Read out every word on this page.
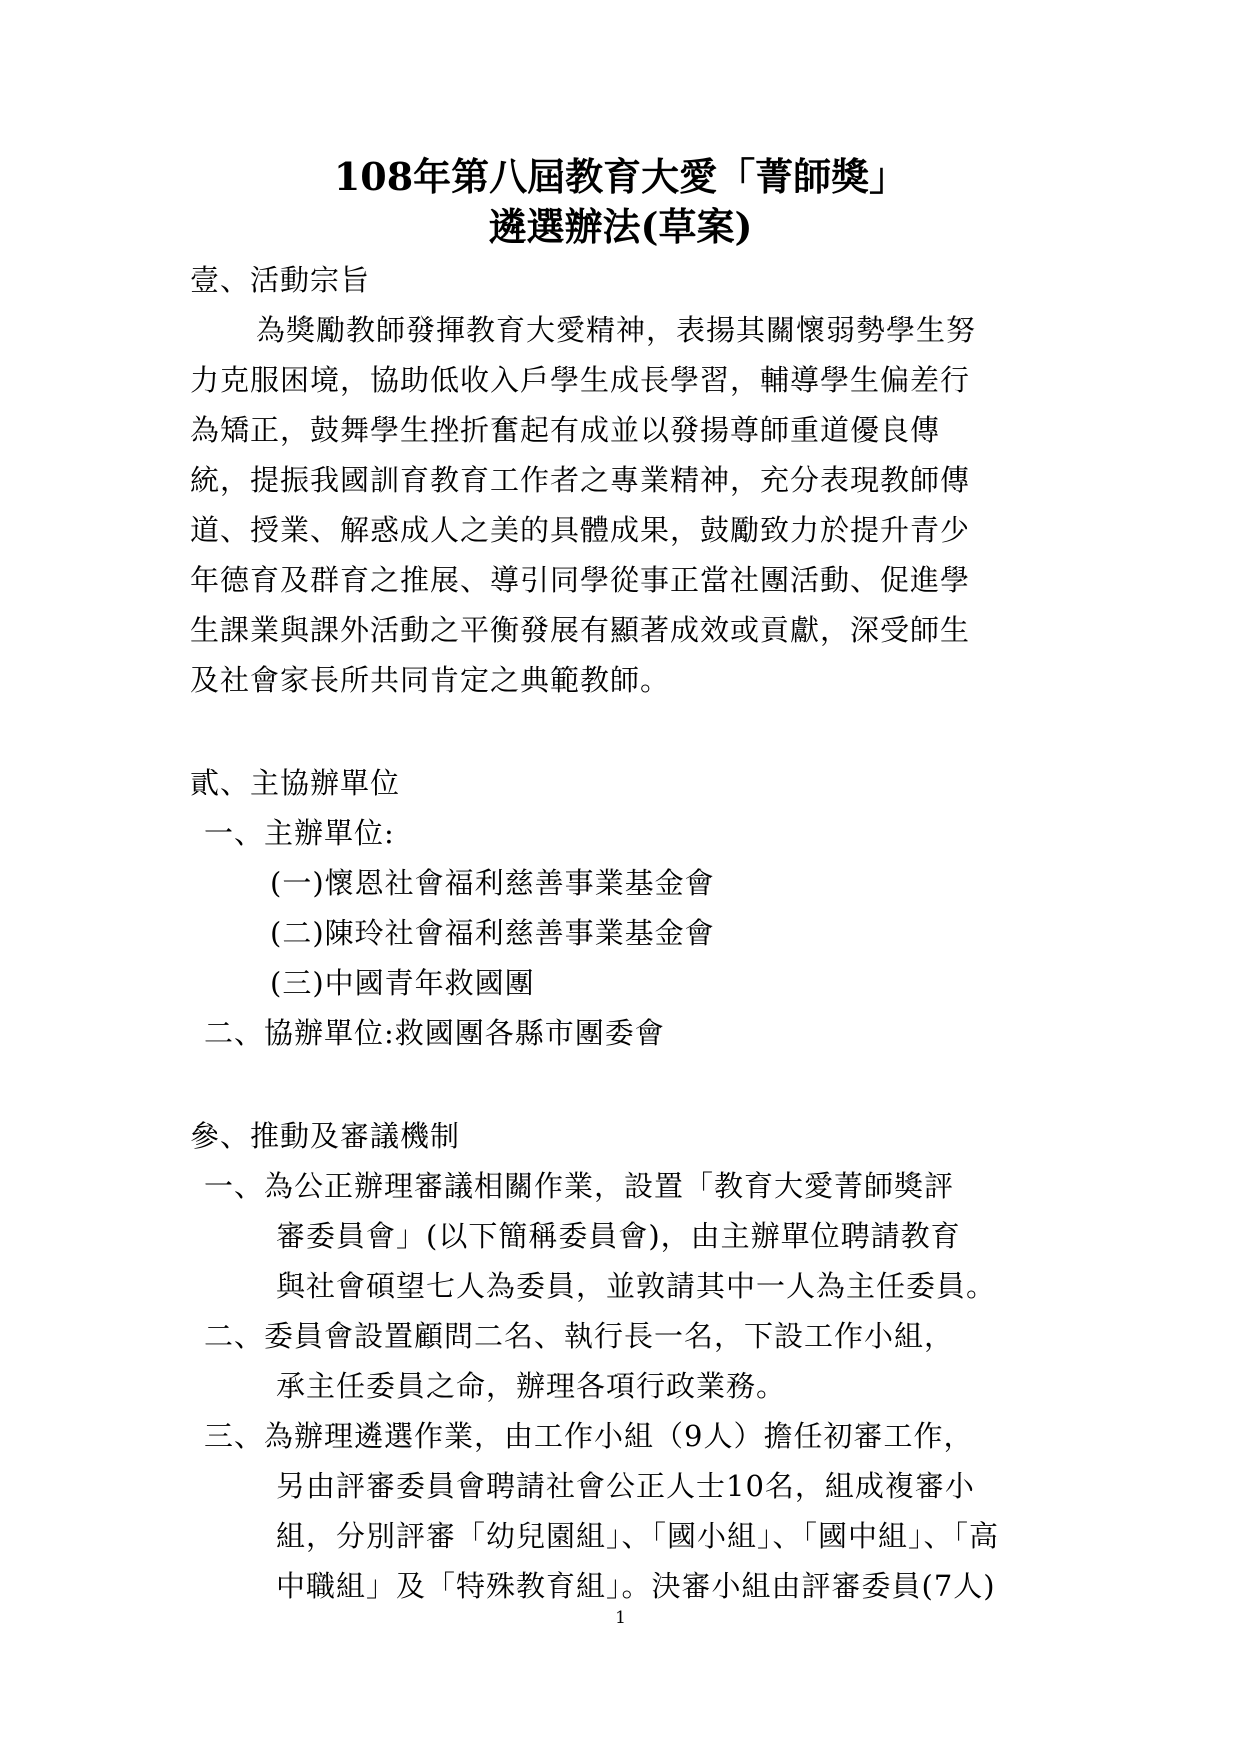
108年第八屆教育大愛「菁師獎」
遴選辦法(草案)
壹、活動宗旨
為獎勵教師發揮教育大愛精神，表揚其關懷弱勢學生努
力克服困境，協助低收入戶學生成長學習，輔導學生偏差行
為矯正，鼓舞學生挫折奮起有成並以發揚尊師重道優良傳
統，提振我國訓育教育工作者之專業精神，充分表現教師傳
道、授業、解惑成人之美的具體成果，鼓勵致力於提升青少
年德育及群育之推展、導引同學從事正當社團活動、促進學
生課業與課外活動之平衡發展有顯著成效或貢獻，深受師生
及社會家長所共同肯定之典範教師。
貳、主協辦單位
一、主辦單位:
(一)懷恩社會福利慈善事業基金會
(二)陳玲社會福利慈善事業基金會
(三)中國青年救國團
二、協辦單位:救國團各縣市團委會
參、推動及審議機制
一、為公正辦理審議相關作業，設置「教育大愛菁師獎評
審委員會」(以下簡稱委員會)，由主辦單位聘請教育
與社會碩望七人為委員，並敦請其中一人為主任委員。
二、委員會設置顧問二名、執行長一名，下設工作小組，
承主任委員之命，辦理各項行政業務。
三、為辦理遴選作業，由工作小組（9人）擔任初審工作，
另由評審委員會聘請社會公正人士10名，組成複審小
組，分別評審「幼兒園組」、「國小組」、「國中組」、「高
中職組」及「特殊教育組」。決審小組由評審委員(7人)
1
